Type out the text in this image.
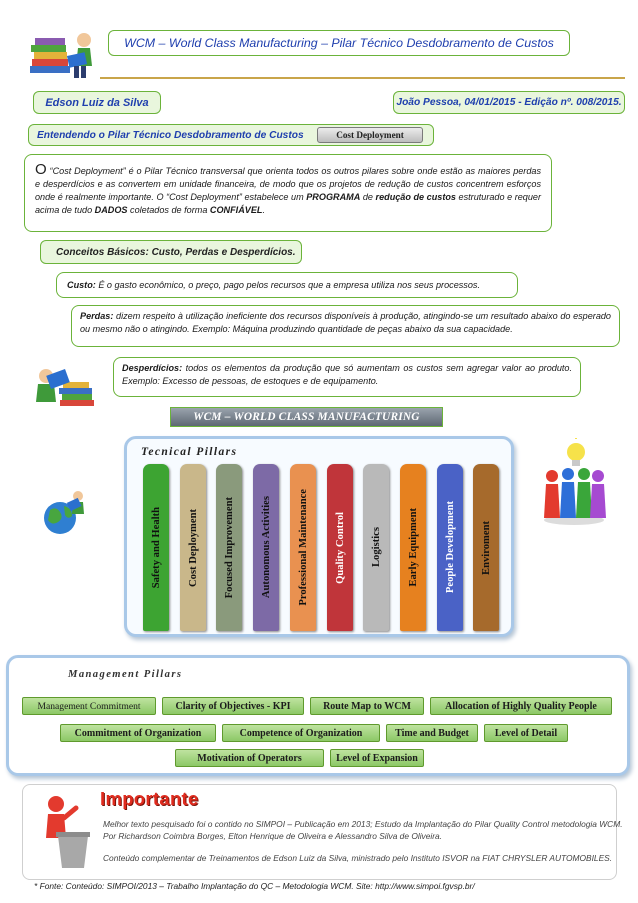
WCM – World Class Manufacturing – Pilar Técnico Desdobramento de Custos
Edson Luiz da Silva	João Pessoa, 04/01/2015 - Edição nº. 008/2015.
Entendendo o Pilar Técnico Desdobramento de Custos	Cost Deployment
O “Cost Deployment” é o Pilar Técnico transversal que orienta todos os outros pilares sobre onde estão as maiores perdas e desperdícios e as convertem em unidade financeira, de modo que os projetos de redução de custos concentrem esforços onde é realmente importante. O “Cost Deployment” estabelece um PROGRAMA de redução de custos estruturado e requer acima de tudo DADOS coletados de forma CONFIÁVEL.
Conceitos Básicos: Custo, Perdas e Desperdícios.
Custo: É o gasto econômico, o preço, pago pelos recursos que a empresa utiliza nos seus processos.
Perdas: dizem respeito à utilização ineficiente dos recursos disponíveis à produção, atingindo-se um resultado abaixo do esperado ou mesmo não o atingindo. Exemplo: Máquina produzindo quantidade de peças abaixo da sua capacidade.
Desperdícios: todos os elementos da produção que só aumentam os custos sem agregar valor ao produto. Exemplo: Excesso de pessoas, de estoques e de equipamento.
WCM – WORLD CLASS MANUFACTURING
Tecnical Pillars
Safety and Health Cost Deployment Focused Improvement Autonomous Activities Professional Maintenance Quality Control Logistics Early Equipment People Development Enviroment
Management Pillars
Management Commitment	Clarity of Objectives - KPI	Route Map to WCM	Allocation of Highly Quality People
Commitment of Organization	Competence of Organization	Time and Budget	Level of Detail
Motivation of Operators	Level of Expansion
Importante
Melhor texto pesquisado foi o contido no SIMPOI – Publicação em 2013; Estudo da Implantação do Pilar Quality Control metodologia WCM.
Por Richardson Coimbra Borges, Elton Henrique de Oliveira e Alessandro Silva de Oliveira.
Conteúdo complementar de Treinamentos de Edson Luiz da Silva, ministrado pelo Instituto ISVOR na FIAT CHRYSLER AUTOMOBILES.
* Fonte: Conteúdo: SIMPOI/2013 – Trabalho Implantação do QC – Metodologia WCM. Site: http://www.simpoi.fgvsp.br/
